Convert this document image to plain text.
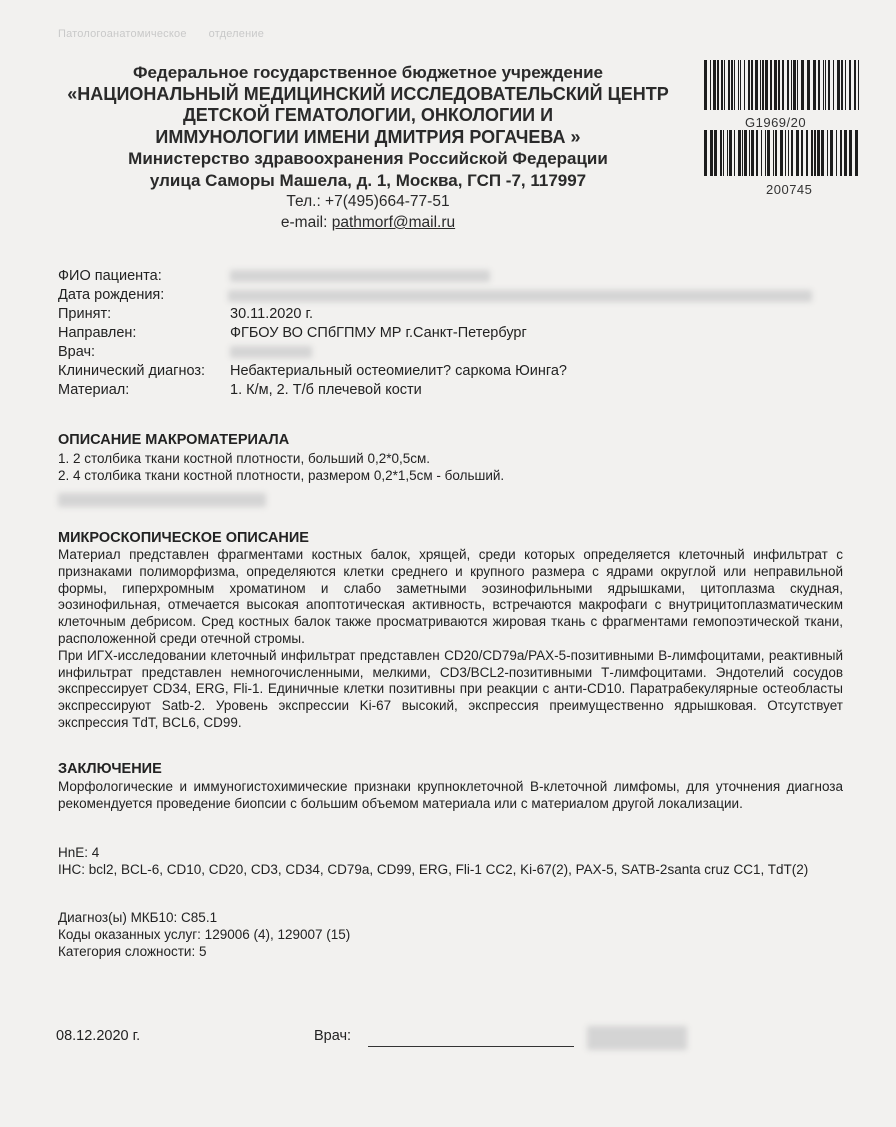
Патологоанатомическое отделение
Федеральное государственное бюджетное учреждение
«НАЦИОНАЛЬНЫЙ МЕДИЦИНСКИЙ ИССЛЕДОВАТЕЛЬСКИЙ ЦЕНТР
ДЕТСКОЙ ГЕМАТОЛОГИИ, ОНКОЛОГИИ И
ИММУНОЛОГИИ ИМЕНИ ДМИТРИЯ РОГАЧЕВА »
Министерство здравоохранения Российской Федерации
улица Саморы Машела, д. 1, Москва, ГСП -7, 117997
Тел.: +7(495)664-77-51
e-mail: pathmorf@mail.ru
G1969/20
200745
ФИО пациента:
Дата рождения:
Принят:	30.11.2020 г.
Направлен:	ФГБОУ ВО СПбГПМУ МР г.Санкт-Петербург
Врач:
Клинический диагноз:	Небактериальный остеомиелит? саркома Юинга?
Материал:	1. К/м, 2. Т/б плечевой кости
ОПИСАНИЕ МАКРОМАТЕРИАЛА

1. 2 столбика ткани костной плотности, больший 0,2*0,5см.

2. 4 столбика ткани костной плотности, размером 0,2*1,5см - больший.

МИКРОСКОПИЧЕСКОЕ ОПИСАНИЕ

Материал представлен фрагментами костных балок, хрящей, среди которых определяется клеточный инфильтрат с признаками полиморфизма, определяются клетки среднего и крупного размера с ядрами округлой или неправильной формы, гиперхромным хроматином и слабо заметными эозинофильными ядрышками, цитоплазма скудная, эозинофильная, отмечается высокая апоптотическая активность, встречаются макрофаги с внутрицитоплазматическим клеточным дебрисом. Сред костных балок также просматриваются жировая ткань с фрагментами гемопоэтической ткани, расположенной среди отечной стромы.

При ИГХ-исследовании клеточный инфильтрат представлен CD20/CD79a/PAX-5-позитивными В-лимфоцитами, реактивный инфильтрат представлен немногочисленными, мелкими, CD3/BCL2-позитивными Т-лимфоцитами. Эндотелий сосудов экспрессирует CD34, ERG, Fli-1. Единичные клетки позитивны при реакции с анти-CD10. Паратрабекулярные остеобласты экспрессируют Satb-2. Уровень экспрессии Ki-67 высокий, экспрессия преимущественно ядрышковая. Отсутствует экспрессия TdT, BCL6, CD99.

ЗАКЛЮЧЕНИЕ

Морфологические и иммуногистохимические признаки крупноклеточной В-клеточной лимфомы, для уточнения диагноза рекомендуется проведение биопсии с большим объемом материала или с материалом другой локализации.

HnE: 4

IHC: bcl2, BCL-6, CD10, CD20, CD3, CD34, CD79a, CD99, ERG, Fli-1 CC2, Ki-67(2), PAX-5, SATB-2santa cruz CC1, TdT(2)

Диагноз(ы) МКБ10: C85.1

Коды оказанных услуг: 129006 (4), 129007 (15)

Категория сложности: 5

08.12.2020 г.	Врач:
